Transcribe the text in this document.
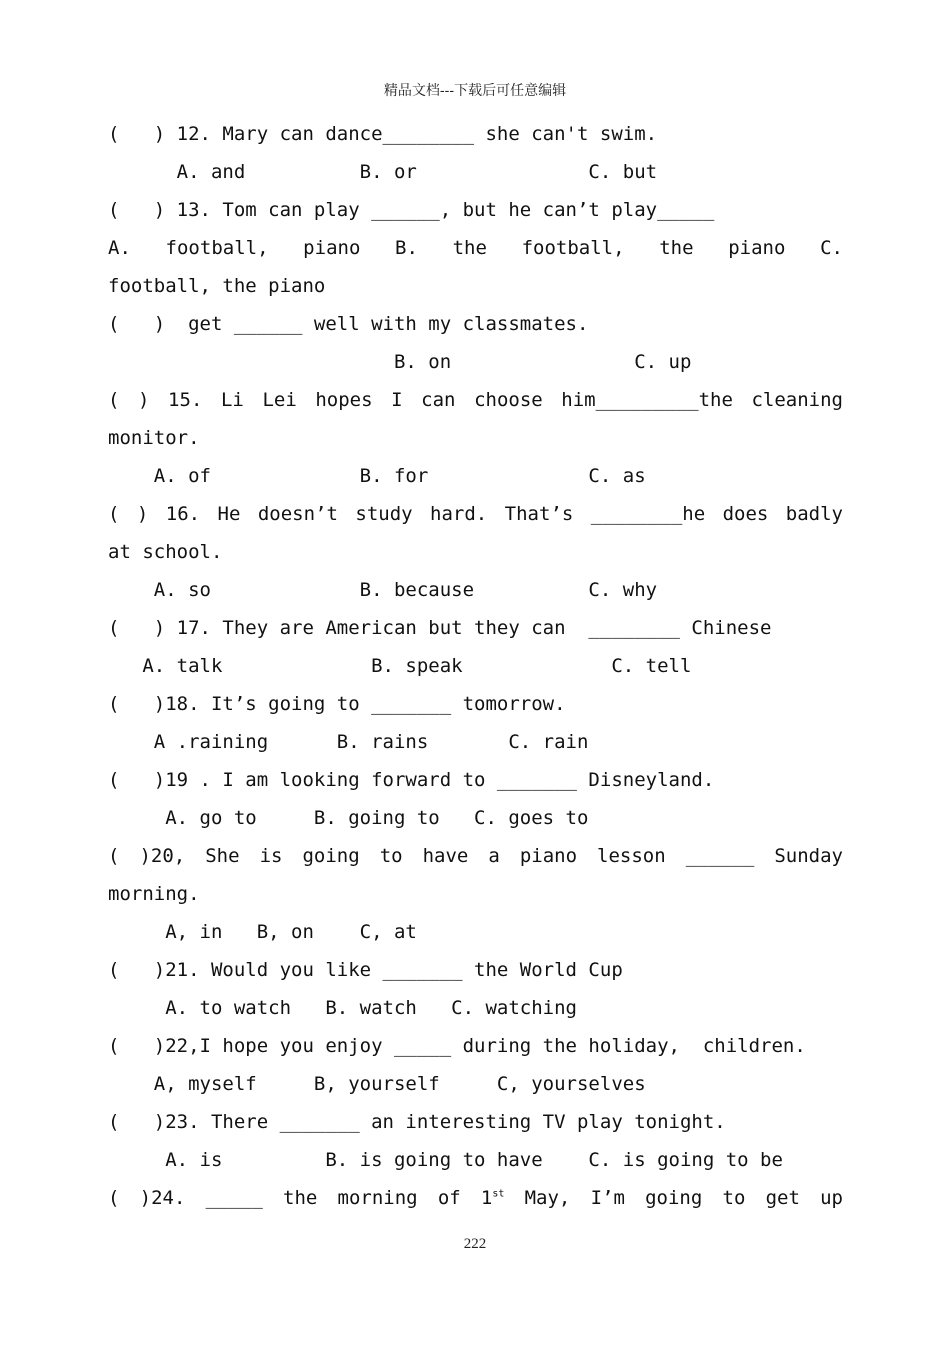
精品文档---下载后可任意编辑
(   ) 12. Mary can dance________ she can't swim.
A. and          B. or               C. but
(   ) 13. Tom can play ______, but he can’t play_____
A. football, piano B. the football, the piano C.
football, the piano
(   )  get ______ well with my classmates.
B. on                C. up
( ) 15. Li Lei hopes I can choose him_________the cleaning
monitor.
A. of             B. for              C. as
( ) 16. He doesn’t study hard. That’s ________he does badly
at school.
A. so             B. because          C. why
(   ) 17. They are American but they can  ________ Chinese
A. talk             B. speak             C. tell
(   )18. It’s going to _______ tomorrow.
A .raining      B. rains       C. rain
(   )19 . I am looking forward to _______ Disneyland.
A. go to     B. going to   C. goes to
( )20, She is going to have a piano lesson ______ Sunday
morning.
A, in   B, on    C, at
(   )21. Would you like _______ the World Cup
A. to watch   B. watch   C. watching
(   )22,I hope you enjoy _____ during the holiday,  children.
A, myself     B, yourself     C, yourselves
(   )23. There _______ an interesting TV play tonight.
A. is         B. is going to have    C. is going to be
( )24. _____ the morning of 1st May, I’m going to get up
222
